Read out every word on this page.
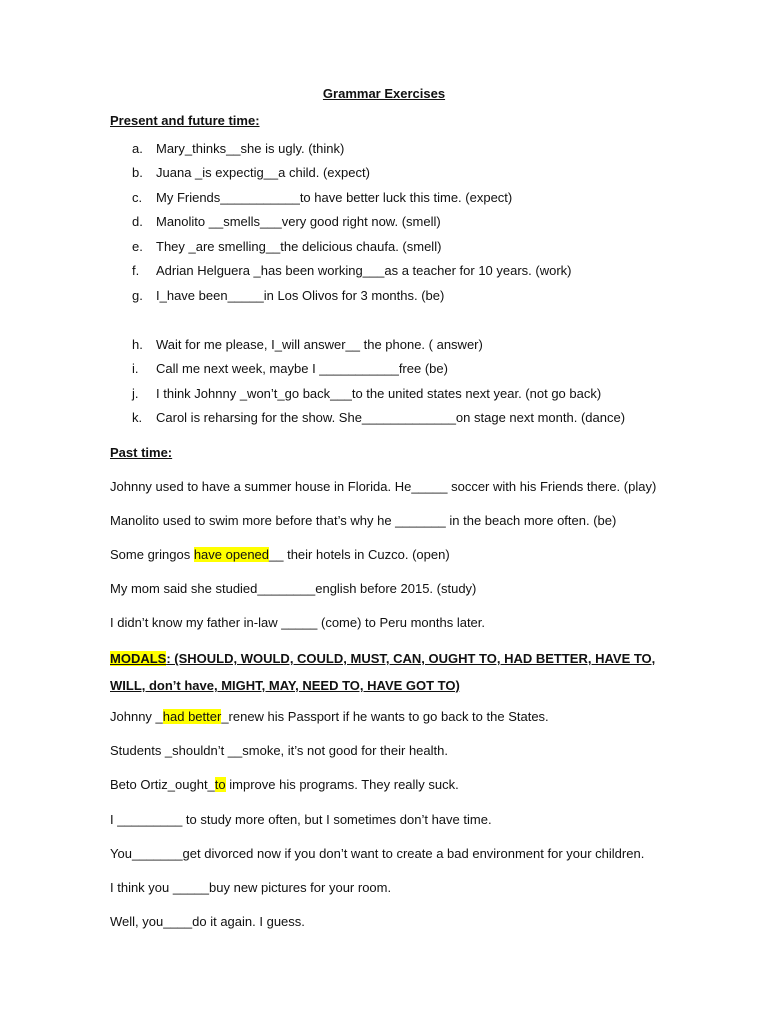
Grammar Exercises
Present and future time:
a. Mary_thinks__she is ugly. (think)
b. Juana _is expectig__a child. (expect)
c. My Friends___________to have better luck this time. (expect)
d. Manolito __smells___very good right now. (smell)
e. They _are smelling__the delicious chaufa. (smell)
f. Adrian Helguera _has been working___as a teacher for 10 years. (work)
g. I_have been_____in Los Olivos for 3 months. (be)
h. Wait for me please, I_will answer__ the phone. ( answer)
i. Call me next week, maybe I ___________free (be)
j. I think Johnny _won’t_go back___to the united states next year. (not go back)
k. Carol is reharsing for the show. She_____________on stage next month. (dance)
Past time:
Johnny used to have a summer house in Florida. He_____ soccer with his Friends there. (play)
Manolito used to swim more before that’s why he _______ in the beach more often. (be)
Some gringos have opened__ their hotels in Cuzco. (open)
My mom said she studied________english before 2015. (study)
I didn’t know my father in-law _____ (come) to Peru months later.
MODALS: (SHOULD, WOULD, COULD, MUST, CAN, OUGHT TO, HAD BETTER, HAVE TO, WILL, don’t have, MIGHT, MAY, NEED TO, HAVE GOT TO)
Johnny _had better_renew his Passport if he wants to go back to the States.
Students _shouldn’t __smoke, it’s not good for their health.
Beto Ortiz_ought_to improve his programs. They really suck.
I _________ to study more often, but I sometimes don’t have time.
You_______get divorced now if you don’t want to create a bad environment for your children.
I think you _____buy new pictures for your room.
Well, you____do it again. I guess.
